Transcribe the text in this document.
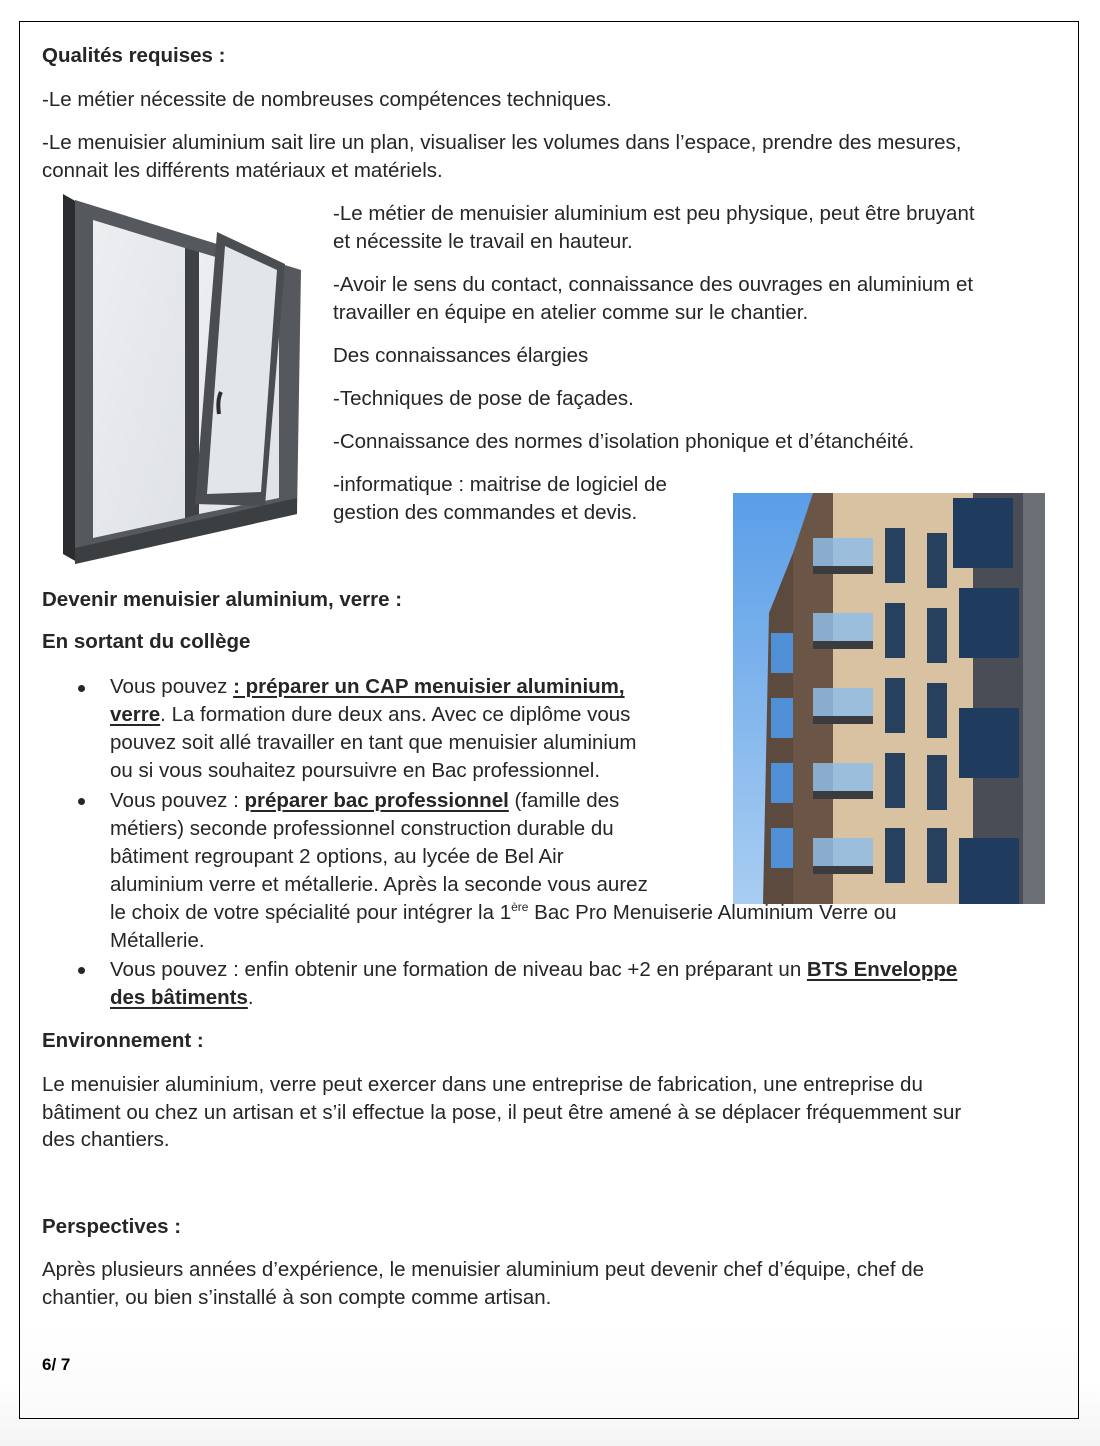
Qualités requises :
-Le métier nécessite de nombreuses compétences techniques.
-Le menuisier aluminium sait lire un plan, visualiser les volumes dans l’espace, prendre des mesures,
connait les différents matériaux et matériels.
-Le métier de menuisier aluminium est peu physique, peut être bruyant
et nécessite le travail en hauteur.
-Avoir le sens du contact, connaissance des ouvrages en aluminium et
travailler en équipe en atelier comme sur le chantier.
Des connaissances élargies
-Techniques de pose de façades.
-Connaissance des normes d’isolation phonique et d’étanchéité.
-informatique : maitrise de logiciel de
gestion des commandes et devis.
Devenir menuisier aluminium, verre :
En sortant du collège
Vous pouvez : préparer un CAP menuisier aluminium,
verre. La formation dure deux ans. Avec ce diplôme vous
pouvez soit allé travailler en tant que menuisier aluminium
ou si vous souhaitez poursuivre en Bac professionnel.
Vous pouvez : préparer bac professionnel (famille des
métiers) seconde professionnel construction durable du
bâtiment regroupant 2 options, au lycée de Bel Air
aluminium verre et métallerie. Après la seconde vous aurez
le choix de votre spécialité pour intégrer la 1ère Bac Pro Menuiserie Aluminium Verre ou
Métallerie.
Vous pouvez : enfin obtenir une formation de niveau bac +2 en préparant un BTS Enveloppe
des bâtiments.
Environnement :
Le menuisier aluminium, verre peut exercer dans une entreprise de fabrication, une entreprise du
bâtiment ou chez un artisan et s’il effectue la pose, il peut être amené à se déplacer fréquemment sur
des chantiers.
Perspectives :
Après plusieurs années d’expérience, le menuisier aluminium peut devenir chef d’équipe, chef de
chantier, ou bien s’installé à son compte comme artisan.
6/ 7
